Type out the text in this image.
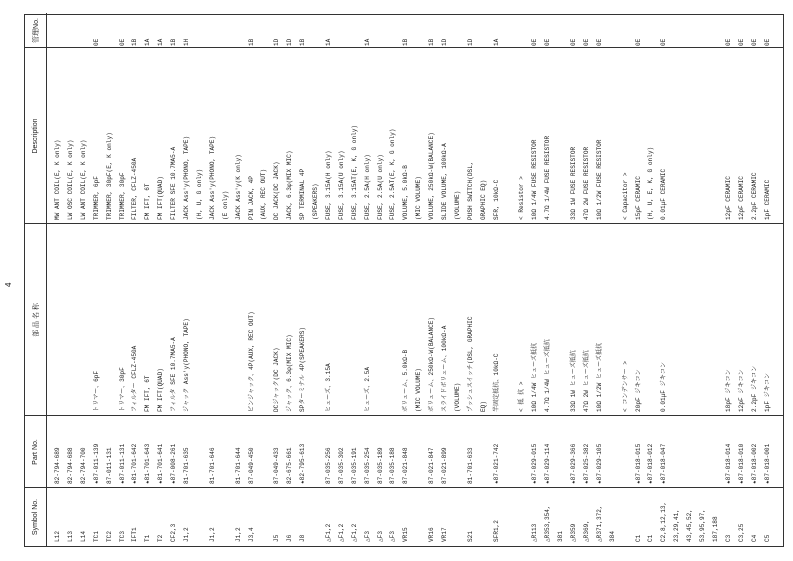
Symbol No.
Part No.
部 品 名 称
Description
管理No.
L12
82-794-689
MW ANT COIL(E, K only)
L13
82-794-688
LW OSC COIL(E, K only)
L14
82-794-700
LW ANT COIL(E, K only)
TC1
★87-011-139
トリマー、6pF
TRIMMER, 6pF
0E
TC2
87-011-131
TRIMMER, 30pF(E, K only)
TC3
★87-011-131
トリマー、30pF
TRIMMER, 30pF
0E
IFT1
★81-701-642
フィルター CFLZ-450A
FILTER, CFLZ-450A
1B
T1
★81-701-643
FM IFT, 6T
FM IFT, 6T
1A
T2
★81-701-641
FM IFT(QUAD)
FM IFT(QUAD)
1A
CF2,3
★87-008-261
フィルタ SFE 10.7MA5-A
FILTER SFE 10.7MA5-A
1B
J1,2
81-701-635
ジャック Ass'y(PHONO, TAPE)
JACK Ass'y(PHONO, TAPE)
1H
(H, U, G only)
J1,2
81-701-646
JACK Ass'y(PHONO, TAPE) (E only)
J1,2
81-701-644
JACK Ass'y(K only)
J3,4
87-049-450
ピンジャック、4P(AUX, REC OUT)
PIN JACK, 4P
1B
(AUX, REC OUT)
J5
87-049-433
DCジャック(DC JACK)
DC JACK(DC JACK)
1D
J6
82-675-661
ジャック、6.3φ(MIX MIC)
JACK, 6.3φ(MIX MIC)
1D
J8
★82-795-613
SPターミナル 4P(SPEAKERS)
SP TERMINAL 4P
1B
(SPEAKERS)
△F1,2
87-035-256
ヒューズ、3.15A
FUSE, 3.15A(H only)
1A
△F1,2
87-035-302
FUSE, 3.15A(U only)
△F1,2
87-035-191
FUSE, 3.15AT(E, K, G only)
△F3
87-035-254
ヒューズ、2.5A
FUSE, 2.5A(H only)
1A
△F3
87-035-189
FUSE, 2.5A(U only)
△F3
87-035-188
FUSE, 2.5AT(E, K, G only)
VR15
87-021-848
ボリューム、5.0kΩ-B
VOLUME, 5.0kΩ-B
1B
(MIC VOLUME)
(MIC VOLUME)
VR16
87-021-847
ボリューム、250kΩ-W(BALANCE)
VOLUME, 250kΩ-W(BALANCE)
1B
VR17
87-021-899
スライドボリューム、100kΩ-A
SLIDE VOLUME, 100kΩ-A
1D
(VOLUME)
(VOLUME)
S21
81-701-633
プッシュスイッチ(DSL, GRAPHIC
PUSH SWITCH(DSL,
1D
EQ)
GRAPHIC EQ)
SFR1,2
★87-021-742
半固定抵抗、10kΩ-C
SFR, 10kΩ-C
1A
< 抵 抗 >
< Resistor >
△R113
★87-029-015
10Ω 1/4W ヒューズ抵抗
10Ω 1/4W FUSE RESISTOR
0E
△R353,354,
★87-029-114
4.7Ω 1/4W ヒューズ抵抗
4.7Ω 1/4W FUSE RESISTOR
0E
381 △R359
★87-029-366
33Ω 1W ヒューズ抵抗
33Ω 1W FUSE RESISTOR
0E
△R369,
★87-025-382
47Ω 2W ヒューズ抵抗
47Ω 2W FUSE RESISTOR
0E
△R371,372,
★87-029-105
10Ω 1/2W ヒューズ抵抗
10Ω 1/2W FUSE RESISTOR
0E
384
< コンデンサー >
< Capacitor >
C1
★87-018-015
20pF ジキコン
15pF CERAMIC
0E
C1
★87-018-012
(H, U, E, K, G only)
C2,8,12,13,
★87-018-047
0.01μF ジキコン
0.01μF CERAMIC
0E
23,29,41, 43,45,52, 53,95,97, 187,188 C3
★87-018-014
18pF ジキコン
12pF CERAMIC
0E
C3,25
★87-018-010
12pF ジキコン
12pF CERAMIC
0E
C4
★87-018-002
2.2pF ジキコン
2.2pF CERAMIC
0E
C5
★87-018-001
1pF ジキコン
1pF CERAMIC
0E
4
